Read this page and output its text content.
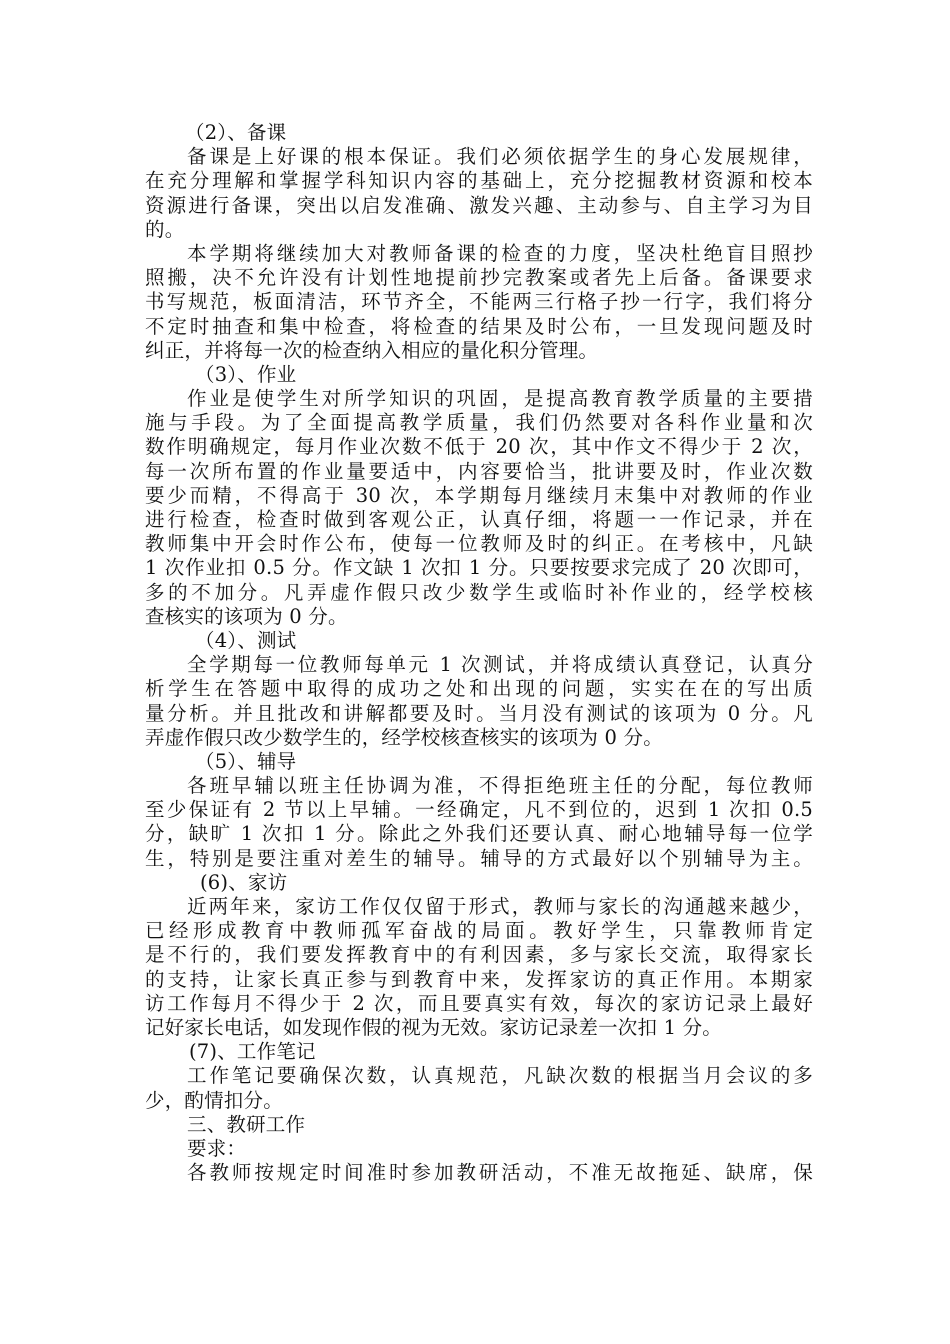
（2）、备课
备课是上好课的根本保证。我们必须依据学生的身心发展规律，
在充分理解和掌握学科知识内容的基础上，充分挖掘教材资源和校本
资源进行备课，突出以启发准确、激发兴趣、主动参与、自主学习为目
的。
本学期将继续加大对教师备课的检查的力度，坚决杜绝盲目照抄
照搬，决不允许没有计划性地提前抄完教案或者先上后备。备课要求
书写规范，板面清洁，环节齐全，不能两三行格子抄一行字，我们将分
不定时抽查和集中检查，将检查的结果及时公布，一旦发现问题及时
纠正，并将每一次的检查纳入相应的量化积分管理。
（3）、作业
作业是使学生对所学知识的巩固，是提高教育教学质量的主要措
施与手段。为了全面提高教学质量，我们仍然要对各科作业量和次
数作明确规定，每月作业次数不低于 20 次，其中作文不得少于 2 次，
每一次所布置的作业量要适中，内容要恰当，批讲要及时，作业次数
要少而精，不得高于 30 次，本学期每月继续月末集中对教师的作业
进行检查，检查时做到客观公正，认真仔细，将题一一作记录，并在
教师集中开会时作公布，使每一位教师及时的纠正。在考核中，凡缺
1 次作业扣 0.5 分。作文缺 1 次扣 1 分。只要按要求完成了 20 次即可，
多的不加分。凡弄虚作假只改少数学生或临时补作业的，经学校核
查核实的该项为 0 分。
（4）、测试
全学期每一位教师每单元 1 次测试，并将成绩认真登记，认真分
析学生在答题中取得的成功之处和出现的问题，实实在在的写出质
量分析。并且批改和讲解都要及时。当月没有测试的该项为 0 分。凡
弄虚作假只改少数学生的，经学校核查核实的该项为 0 分。
（5）、辅导
各班早辅以班主任协调为准，不得拒绝班主任的分配，每位教师
至少保证有 2 节以上早辅。一经确定，凡不到位的，迟到 1 次扣 0.5
分，缺旷 1 次扣 1 分。除此之外我们还要认真、耐心地辅导每一位学
生，特别是要注重对差生的辅导。辅导的方式最好以个别辅导为主。
(6)、家访
近两年来，家访工作仅仅留于形式，教师与家长的沟通越来越少，
已经形成教育中教师孤军奋战的局面。教好学生，只靠教师肯定
是不行的，我们要发挥教育中的有利因素，多与家长交流，取得家长
的支持，让家长真正参与到教育中来，发挥家访的真正作用。本期家
访工作每月不得少于 2 次，而且要真实有效，每次的家访记录上最好
记好家长电话，如发现作假的视为无效。家访记录差一次扣 1 分。
(7)、工作笔记
工作笔记要确保次数，认真规范，凡缺次数的根据当月会议的多
少，酌情扣分。
三、教研工作
要求：
各教师按规定时间准时参加教研活动，不准无故拖延、缺席，保
